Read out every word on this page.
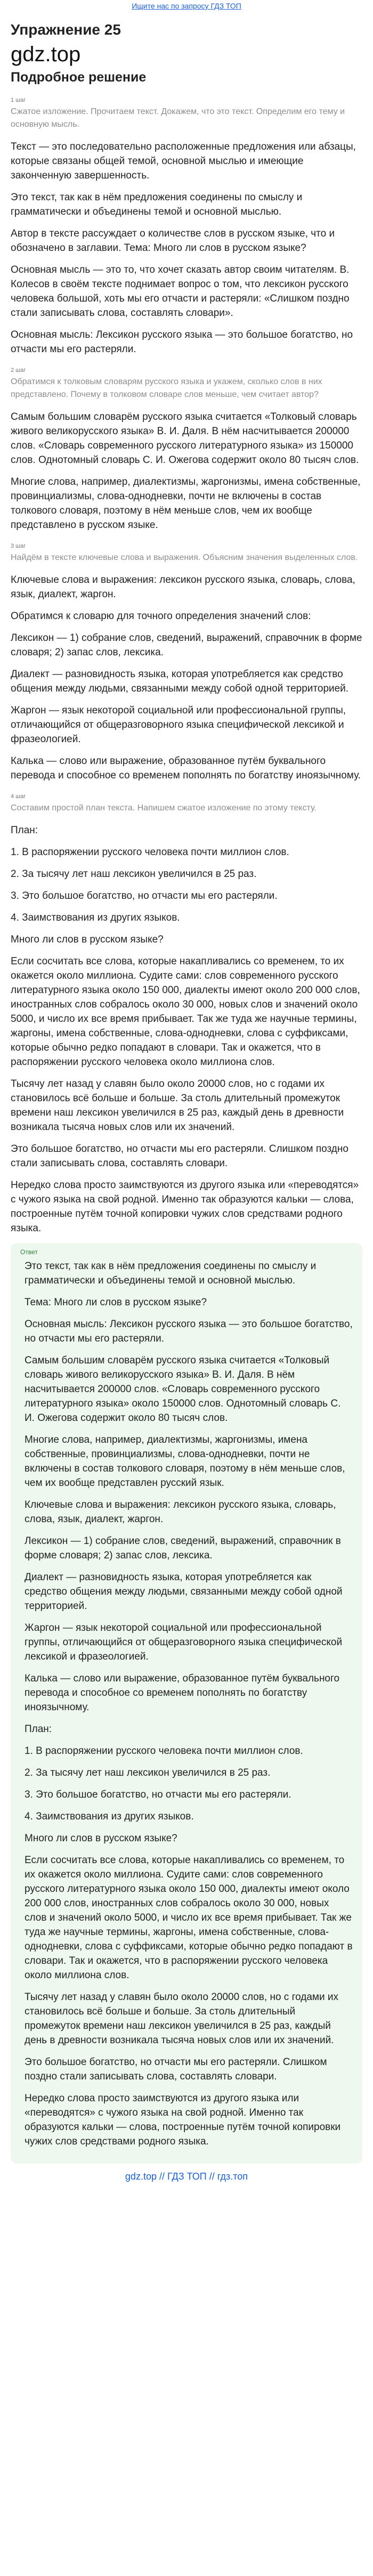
Ищите нас по запросу ГДЗ ТОП
Упражнение 25
gdz.top
Подробное решение
1 шаг
Сжатое изложение. Прочитаем текст. Докажем, что это текст. Определим его тему и основную мысль.

Текст — это последовательно расположенные предложения или абзацы, которые связаны общей темой, основной мыслью и имеющие законченную завершенность.

Это текст, так как в нём предложения соединены по смыслу и грамматически и объединены темой и основной мыслью.

Автор в тексте рассуждает о количестве слов в русском языке, что и обозначено в заглавии. Тема: Много ли слов в русском языке?

Основная мысль — это то, что хочет сказать автор своим читателям. В. Колесов в своём тексте поднимает вопрос о том, что лексикон русского человека большой, хоть мы его отчасти и растеряли: «Слишком поздно стали записывать слова, составлять словари».

Основная мысль: Лексикон русского языка — это большое богатство, но отчасти мы его растеряли.

2 шаг
Обратимся к толковым словарям русского языка и укажем, сколько слов в них представлено. Почему в толковом словаре слов меньше, чем считает автор?

Самым большим словарём русского языка считается «Толковый словарь живого великорусского языка» В. И. Даля. В нём насчитывается 200000 слов. «Словарь современного русского литературного языка» из 150000 слов. Однотомный словарь С. И. Ожегова содержит около 80 тысяч слов.

Многие слова, например, диалектизмы, жаргонизмы, имена собственные, провинциализмы, слова-однодневки, почти не включены в состав толкового словаря, поэтому в нём меньше слов, чем их вообще представлено в русском языке.

3 шаг
Найдём в тексте ключевые слова и выражения. Объясним значения выделенных слов.

Ключевые слова и выражения: лексикон русского языка, словарь, слова, язык, диалект, жаргон.

Обратимся к словарю для точного определения значений слов:

Лексикон — 1) собрание слов, сведений, выражений, справочник в форме словаря; 2) запас слов, лексика.

Диалект — разновидность языка, которая употребляется как средство общения между людьми, связанными между собой одной территорией.

Жаргон — язык некоторой социальной или профессиональной группы, отличающийся от общеразговорного языка специфической лексикой и фразеологией.

Калька — слово или выражение, образованное путём буквального перевода и способное со временем пополнять по богатству иноязычному.

4 шаг
Составим простой план текста. Напишем сжатое изложение по этому тексту.

План:

1. В распоряжении русского человека почти миллион слов.

2. За тысячу лет наш лексикон увеличился в 25 раз.

3. Это большое богатство, но отчасти мы его растеряли.

4. Заимствования из других языков.

Много ли слов в русском языке?

Если сосчитать все слова, которые накапливались со временем, то их окажется около миллиона. Судите сами: слов современного русского литературного языка около 150 000, диалекты имеют около 200 000 слов, иностранных слов собралось около 30 000, новых слов и значений около 5000, и число их все время прибывает. Так же туда же научные термины, жаргоны, имена собственные, слова-однодневки, слова с суффиксами, которые обычно редко попадают в словари. Так и окажется, что в распоряжении русского человека около миллиона слов.

Тысячу лет назад у славян было около 20000 слов, но с годами их становилось всё больше и больше. За столь длительный промежуток времени наш лексикон увеличился в 25 раз, каждый день в древности возникала тысяча новых слов или их значений.

Это большое богатство, но отчасти мы его растеряли. Слишком поздно стали записывать слова, составлять словари.

Нередко слова просто заимствуются из другого языка или «переводятся» с чужого языка на свой родной. Именно так образуются кальки — слова, построенные путём точной копировки чужих слов средствами родного языка.

Ответ

Это текст, так как в нём предложения соединены по смыслу и грамматически и объединены темой и основной мыслью.

Тема: Много ли слов в русском языке?

Основная мысль: Лексикон русского языка — это большое богатство, но отчасти мы его растеряли.

Самым большим словарём русского языка считается «Толковый словарь живого великорусского языка» В. И. Даля. В нём насчитывается 200000 слов. «Словарь современного русского литературного языка» около 150000 слов. Однотомный словарь С. И. Ожегова содержит около 80 тысяч слов.

Многие слова, например, диалектизмы, жаргонизмы, имена собственные, провинциализмы, слова-однодневки, почти не включены в состав толкового словаря, поэтому в нём меньше слов, чем их вообще представлен русский язык.

Ключевые слова и выражения: лексикон русского языка, словарь, слова, язык, диалект, жаргон.

Лексикон — 1) собрание слов, сведений, выражений, справочник в форме словаря; 2) запас слов, лексика.

Диалект — разновидность языка, которая употребляется как средство общения между людьми, связанными между собой одной территорией.

Жаргон — язык некоторой социальной или профессиональной группы, отличающийся от общеразговорного языка специфической лексикой и фразеологией.

Калька — слово или выражение, образованное путём буквального перевода и способное со временем пополнять по богатству иноязычному.

План:

1. В распоряжении русского человека почти миллион слов.

2. За тысячу лет наш лексикон увеличился в 25 раз.

3. Это большое богатство, но отчасти мы его растеряли.

4. Заимствования из других языков.

Много ли слов в русском языке?

Если сосчитать все слова, которые накапливались со временем, то их окажется около миллиона. Судите сами: слов современного русского литературного языка около 150 000, диалекты имеют около 200 000 слов, иностранных слов собралось около 30 000, новых слов и значений около 5000, и число их все время прибывает. Так же туда же научные термины, жаргоны, имена собственные, слова-однодневки, слова с суффиксами, которые обычно редко попадают в словари. Так и окажется, что в распоряжении русского человека около миллиона слов.

Тысячу лет назад у славян было около 20000 слов, но с годами их становилось всё больше и больше. За столь длительный промежуток времени наш лексикон увеличился в 25 раз, каждый день в древности возникала тысяча новых слов или их значений.

Это большое богатство, но отчасти мы его растеряли. Слишком поздно стали записывать слова, составлять словари.

Нередко слова просто заимствуются из другого языка или «переводятся» с чужого языка на свой родной. Именно так образуются кальки — слова, построенные путём точной копировки чужих слов средствами родного языка.

gdz.top // ГДЗ ТОП // гдз.топ
